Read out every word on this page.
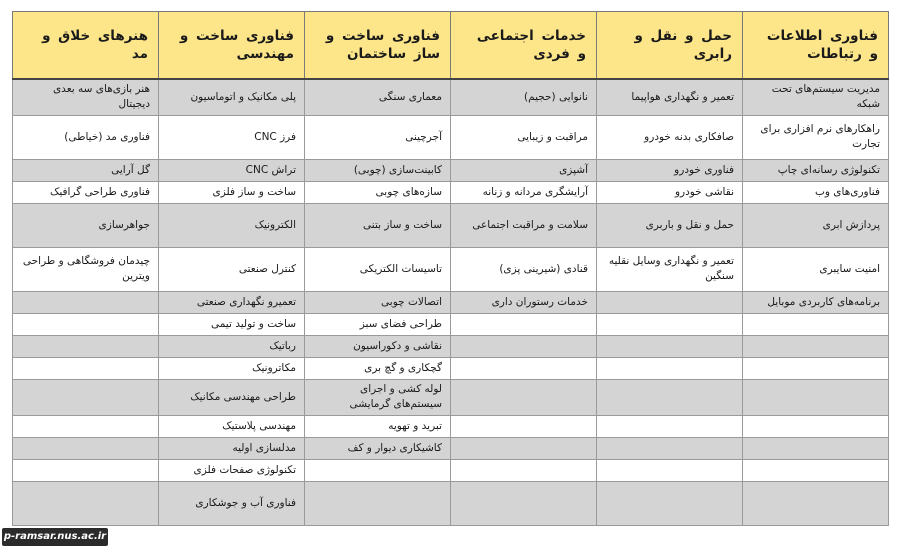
فناوری اطلاعات و رتباطات	حمل و نقل و رابری	خدمات اجتماعی و فردی	فناوری ساخت و ساز ساختمان	فناوری ساخت و مهندسی	هنرهای خلاق و مد
مدیریت سیستم‌های تحت شبکه	تعمیر و نگهداری هواپیما	نانوایی (حجیم)	معماری سنگی	پلی مکانیک و اتوماسیون	هنر بازی‌های سه بعدی دیجیتال
راهکارهای نرم افزاری برای تجارت	صافکاری بدنه خودرو	مراقبت و زیبایی	آجرچینی	فرز CNC	فناوری مد (خیاطی)
تکنولوژی رسانه‌ای چاپ	فناوری خودرو	آشپزی	کابینت‌سازی (چوبی)	تراش CNC	گل آرایی
فناوری‌های وب	نقاشی خودرو	آرایشگری مردانه و زنانه	سازه‌های چوبی	ساخت و ساز فلزی	فناوری طراحی گرافیک
پردازش ابری	حمل و نقل و باربری	سلامت و مراقبت اجتماعی	ساخت و ساز بتنی	الکترونیک	جواهرسازی
امنیت سایبری	تعمیر و نگهداری وسایل نقلیه سنگین	قنادی (شیرینی پزی)	تاسیسات الکتریکی	کنترل صنعتی	چیدمان فروشگاهی و طراحی ویترین
برنامه‌های کاربردی موبایل		خدمات رستوران داری	اتصالات چوبی	تعمیرو نگهداری صنعتی	
			طراحی فضای سبز	ساخت و تولید تیمی	
			نقاشی و دکوراسیون	رباتیک	
			گچکاری و گچ بری	مکاترونیک	
			لوله کشی و اجرای سیستم‌های گرمایشی	طراحی مهندسی مکانیک	
			تبرید و تهویه	مهندسی پلاستیک	
			کاشیکاری دیوار و کف	مدلسازی اولیه	
				تکنولوژی صفحات فلزی	
				فناوری آب و جوشکاری	
p-ramsar.nus.ac.ir
